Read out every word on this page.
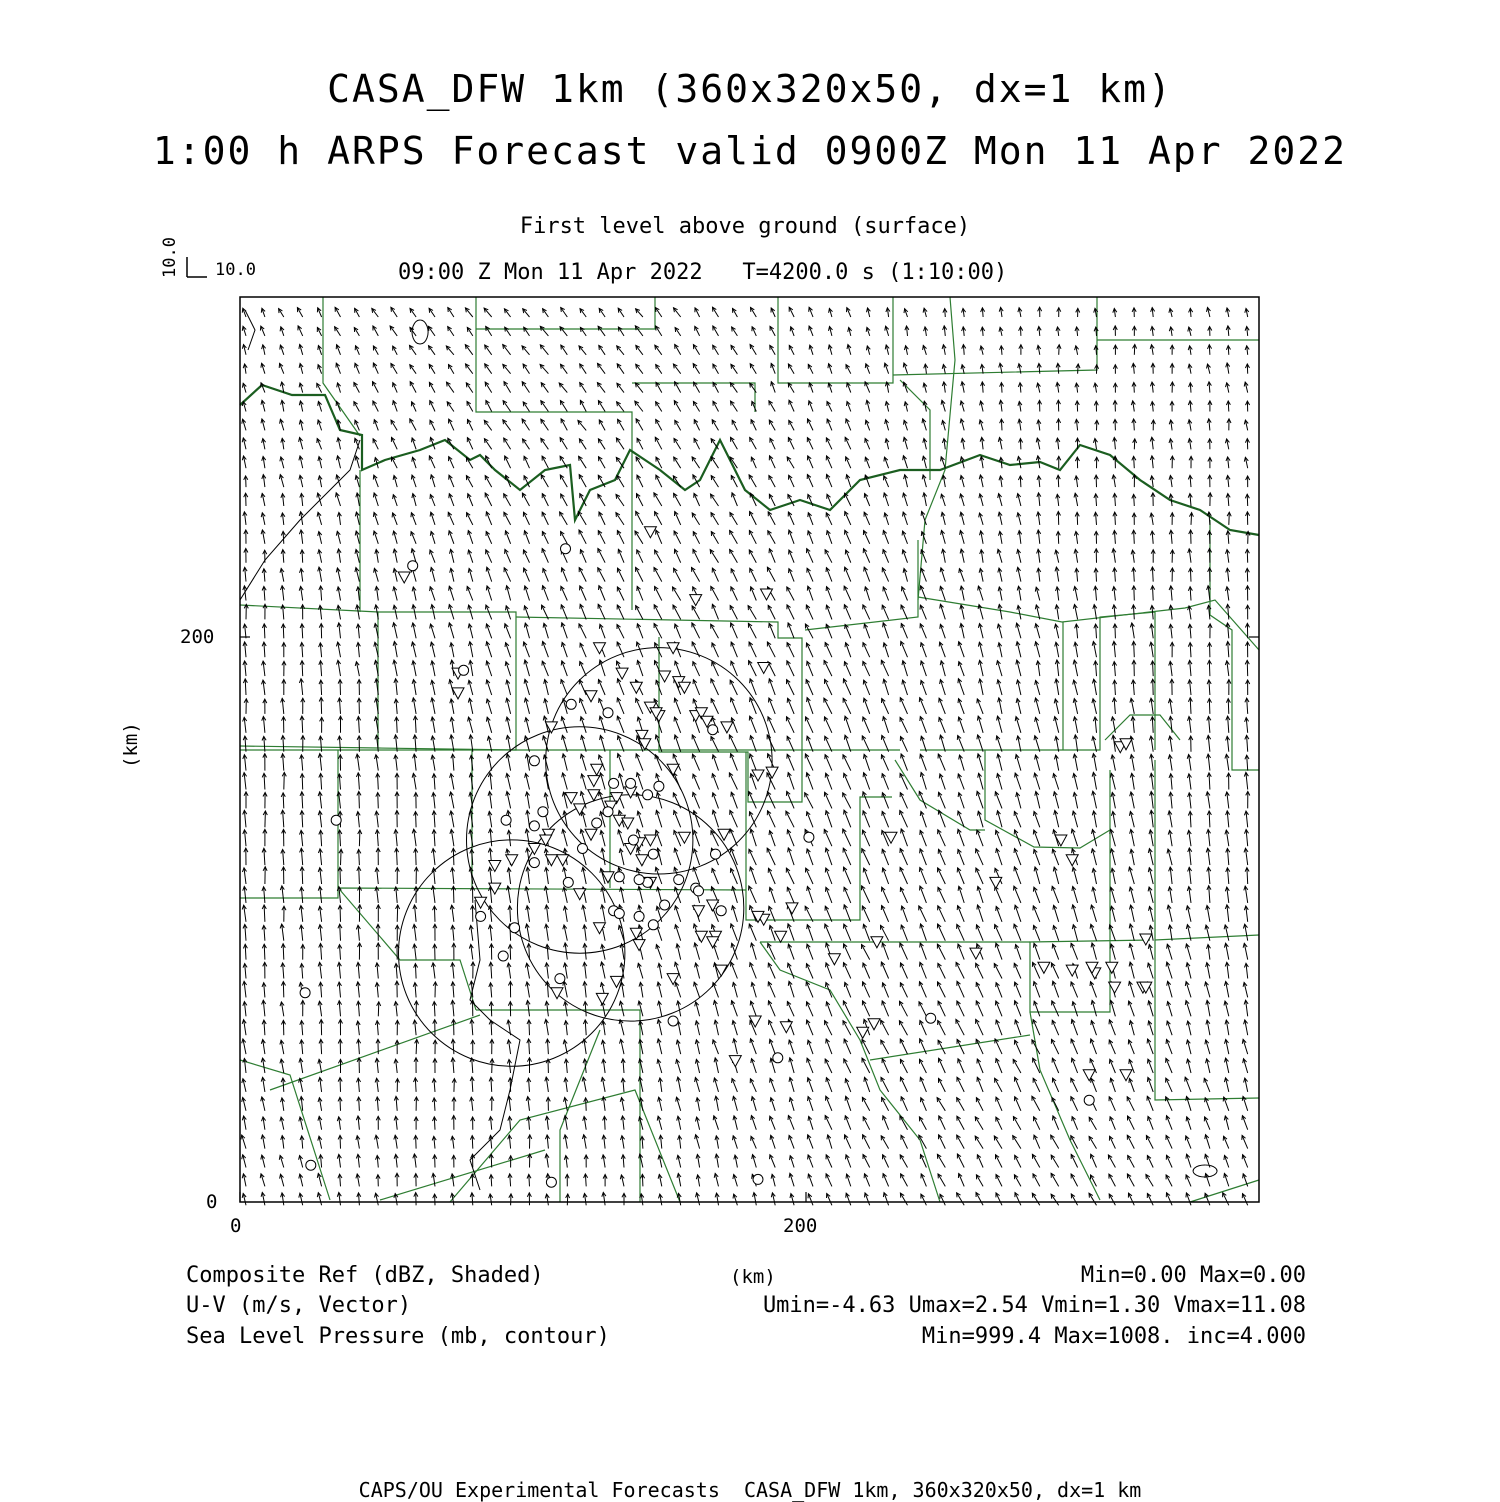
CASA_DFW 1km (360x320x50, dx=1 km)
1:00 h ARPS Forecast valid 0900Z Mon 11 Apr 2022
First level above ground (surface)
09:00 Z Mon 11 Apr 2022   T=4200.0 s (1:10:00)
10.0
10.0
0	200
0
200
(km)
(km)
Composite Ref (dBZ, Shaded)	Min=0.00 Max=0.00
U-V (m/s, Vector)	Umin=-4.63 Umax=2.54 Vmin=1.30 Vmax=11.08
Sea Level Pressure (mb, contour)	Min=999.4 Max=1008. inc=4.000
CAPS/OU Experimental Forecasts  CASA_DFW 1km, 360x320x50, dx=1 km
